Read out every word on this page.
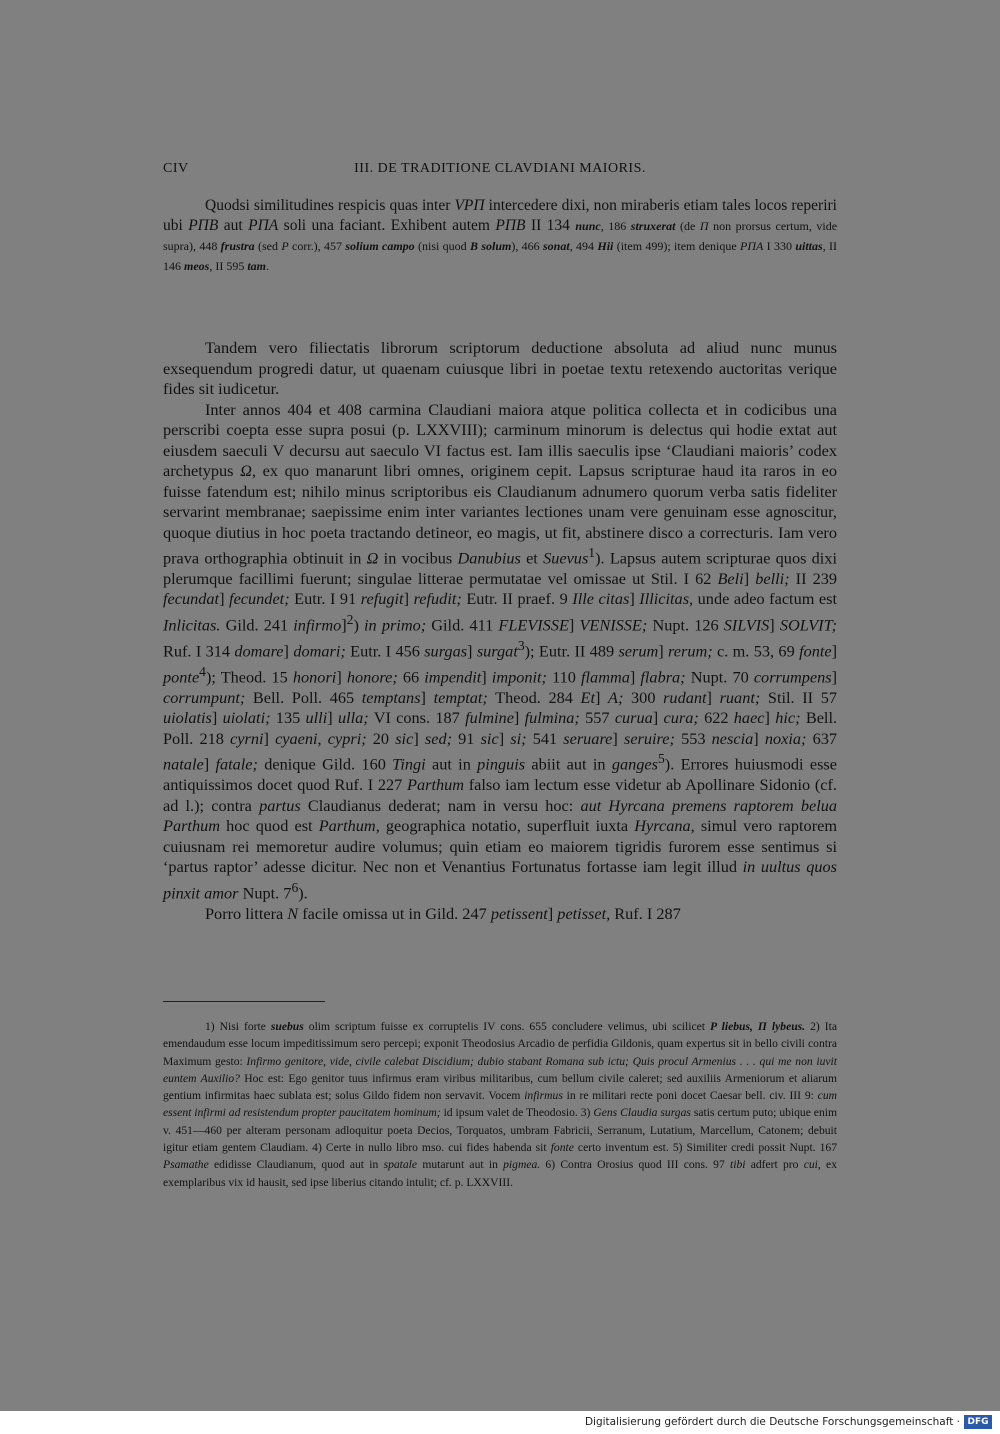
CIV	III. DE TRADITIONE CLAVDIANI MAIORIS.
Quodsi similitudines respicis quas inter VPΠ intercedere dixi, non miraberis etiam tales locos reperiri ubi PΠB aut PΠA soli una faciant. Exhibent autem PΠB II 134 nunc, 186 struxerat (de Π non prorsus certum, vide supra), 448 frustra (sed P corr.), 457 solium campo (nisi quod B solum), 466 sonat, 494 Hii (item 499); item denique PΠA I 330 uittas, II 146 meos, II 595 tam.

Tandem vero filiectatis librorum scriptorum deductione absoluta ad aliud nunc munus exsequendum progredi datur, ut quaenam cuiusque libri in poetae textu retexendo auctoritas verique fides sit iudicetur.

Inter annos 404 et 408 carmina Claudiani maiora atque politica collecta et in codicibus una perscribi coepta esse supra posui (p. LXXVIII); carminum minorum is delectus qui hodie extat aut eiusdem saeculi V decursu aut saeculo VI factus est. Iam illis saeculis ipse ‘Claudiani maioris’ codex archetypus Ω, ex quo manarunt libri omnes, originem cepit. Lapsus scripturae haud ita raros in eo fuisse fatendum est; nihilo minus scriptoribus eis Claudianum adnumero quorum verba satis fideliter servarint membranae; saepissime enim inter variantes lectiones unam vere genuinam esse agnoscitur, quoque diutius in hoc poeta tractando detineor, eo magis, ut fit, abstinere disco a correcturis. Iam vero prava orthographia obtinuit in Ω in vocibus Danubius et Suevus$^1$). Lapsus autem scripturae quos dixi plerumque facillimi fuerunt; singulae litterae permutatae vel omissae ut Stil. I 62 Beli] belli; II 239 fecundat] fecundet; Eutr. I 91 refugit] refudit; Eutr. II praef. 9 Ille citas] Illicitas, unde adeo factum est Inlicitas. Gild. 241 infirmo]$^2$) in primo; Gild. 411 FLEVISSE] VENISSE; Nupt. 126 SILVIS] SOLVIT; Ruf. I 314 domare] domari; Eutr. I 456 surgas] surgat$^3$); Eutr. II 489 serum] rerum; c. m. 53, 69 fonte] ponte$^4$); Theod. 15 honori] honore; 66 impendit] imponit; 110 flamma] flabra; Nupt. 70 corrumpens] corrumpunt; Bell. Poll. 465 temptans] temptat; Theod. 284 Et] A; 300 rudant] ruant; Stil. II 57 uiolatis] uiolati; 135 ulli] ulla; VI cons. 187 fulmine] fulmina; 557 curua] cura; 622 haec] hic; Bell. Poll. 218 cyrni] cyaeni, cypri; 20 sic] sed; 91 sic] si; 541 seruare] seruire; 553 nescia] noxia; 637 natale] fatale; denique Gild. 160 Tingi aut in pinguis abiit aut in ganges$^5$). Errores huiusmodi esse antiquissimos docet quod Ruf. I 227 Parthum falso iam lectum esse videtur ab Apollinare Sidonio (cf. ad l.); contra partus Claudianus dederat; nam in versu hoc: aut Hyrcana premens raptorem belua Parthum hoc quod est Parthum, geographica notatio, superfluit iuxta Hyrcana, simul vero raptorem cuiusnam rei memoretur audire volumus; quin etiam eo maiorem tigridis furorem esse sentimus si ‘partus raptor’ adesse dicitur. Nec non et Venantius Fortunatus fortasse iam legit illud in uultus quos pinxit amor Nupt. $7^6$).

Porro littera N facile omissa ut in Gild. 247 petissent] petisset, Ruf. I 287

1) Nisi forte suebus olim scriptum fuisse ex corruptelis IV cons. 655 concludere velimus, ubi scilicet P liebus, Π lybeus. 2) Ita emendaudum esse locum impeditissimum sero percepi; exponit Theodosius Arcadio de perfidia Gildonis, quam expertus sit in bello civili contra Maximum gesto: Infirmo genitore, vide, civile calebat Discidium; dubio stabant Romana sub ictu; Quis procul Armenius . . . qui me non iuvit euntem Auxilio? Hoc est: Ego genitor tuus infirmus eram viribus militaribus, cum bellum civile caleret; sed auxiliis Armeniorum et aliarum gentium infirmitas haec sublata est; solus Gildo fidem non servavit. Vocem infirmus in re militari recte poni docet Caesar bell. civ. III 9: cum essent infirmi ad resistendum propter paucitatem hominum; id ipsum valet de Theodosio. 3) Gens Claudia surgas satis certum puto; ubique enim v. 451—460 per alteram personam adloquitur poeta Decios, Torquatos, umbram Fabricii, Serranum, Lutatium, Marcellum, Catonem; debuit igitur etiam gentem Claudiam. 4) Certe in nullo libro mso. cui fides habenda sit fonte certo inventum est. 5) Similiter credi possit Nupt. 167 Psamathe edidisse Claudianum, quod aut in spatale mutarunt aut in pigmea. 6) Contra Orosius quod III cons. 97 tibi adfert pro cui, ex exemplaribus vix id hausit, sed ipse liberius citando intulit; cf. p. LXXVIII.

Digitalisierung gefördert durch die Deutsche Forschungsgemeinschaft · DFG
